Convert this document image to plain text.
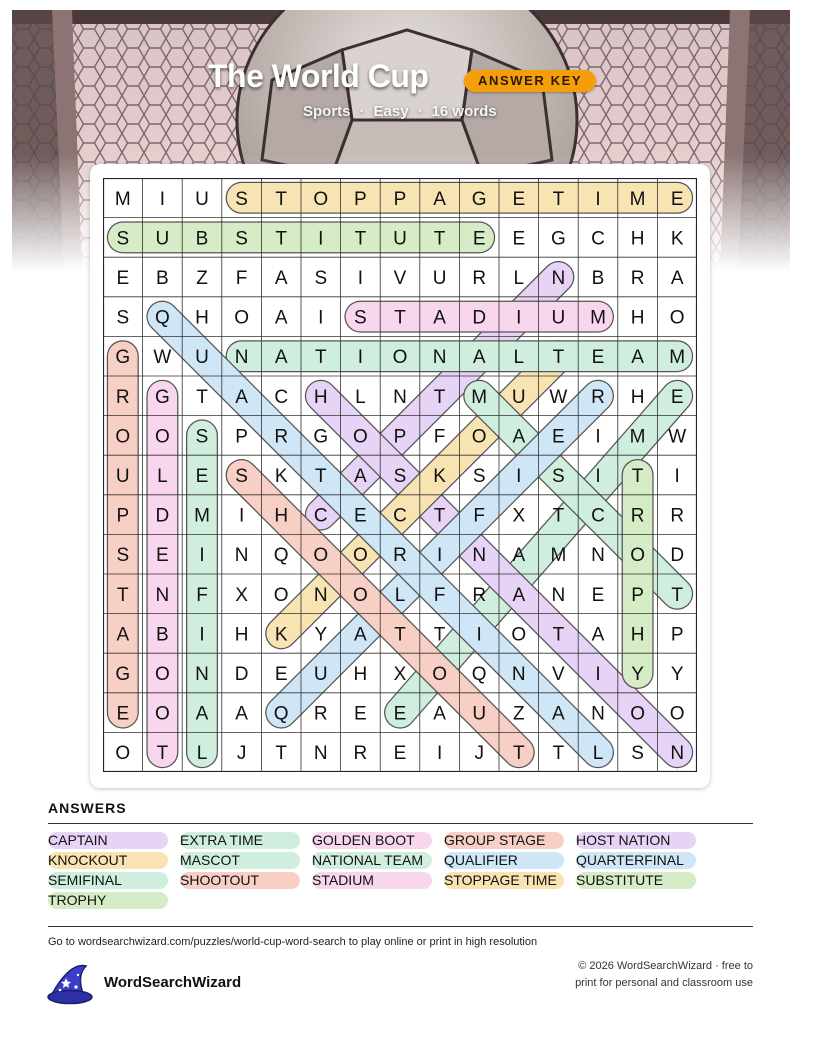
The World Cup	ANSWER KEY
Sports · Easy · 16 words
M I U S T O P P A G E T I M E
S U B S T I T U T E E G C H K
E B Z F A S I V U R L N B R A
S Q H O A I S T A D I U M H O
G W U N A T I O N A L T E A M
R G T A C H L N T M U W R H E
O O S P R G O P F O A E I M W
U L E S K T A S K S I S I T I
P D M I H C E C T F X T C R R
S E I N Q O O R I N A M N O D
T N F X O N O L F R A N E P T
A B I H K Y A T T I O T A H P
G O N D E U H X O Q N V I Y Y
E O A A Q R E E A U Z A N O O
O T L J T N R E I J T T L S N
ANSWERS
CAPTAIN	EXTRA TIME	GOLDEN BOOT GROUP STAGE HOST NATION
KNOCKOUT	MASCOT	NATIONAL TEAM QUALIFIER	QUARTERFINAL
SEMIFINAL	SHOOTOUT	STADIUM	STOPPAGE TIME SUBSTITUTE
TROPHY
Go to wordsearchwizard.com/puzzles/world-cup-word-search to play online or print in high resolution
WordSearchWizard
© 2026 WordSearchWizard · free to print for personal and classroom use
